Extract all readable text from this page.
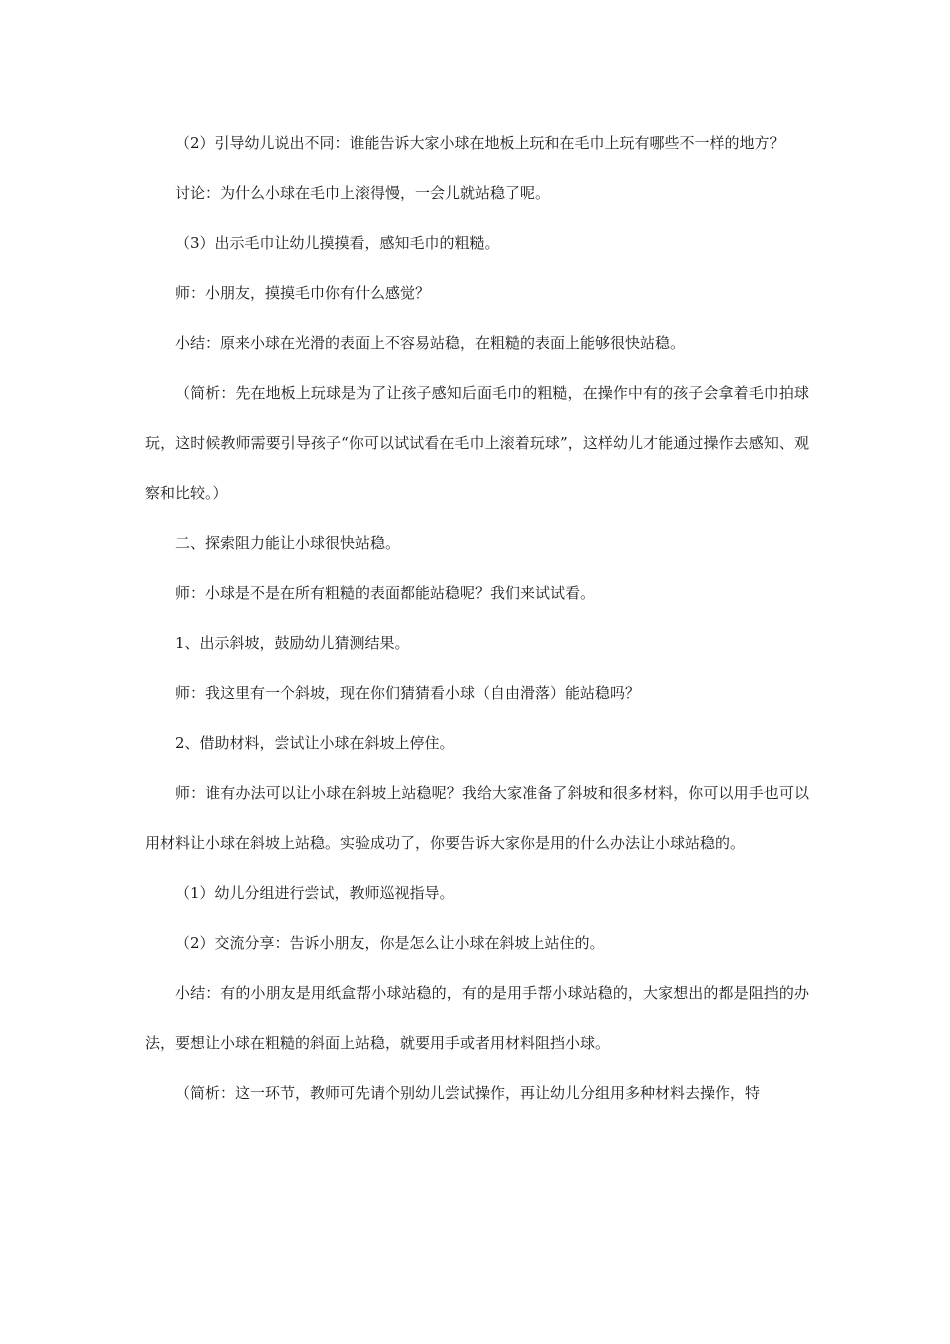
（2）引导幼儿说出不同：谁能告诉大家小球在地板上玩和在毛巾上玩有哪些不一样的地方？

讨论：为什么小球在毛巾上滚得慢，一会儿就站稳了呢。

（3）出示毛巾让幼儿摸摸看，感知毛巾的粗糙。

师：小朋友，摸摸毛巾你有什么感觉？

小结：原来小球在光滑的表面上不容易站稳，在粗糙的表面上能够很快站稳。

（简析：先在地板上玩球是为了让孩子感知后面毛巾的粗糙，在操作中有的孩子会拿着毛巾拍球玩，这时候教师需要引导孩子“你可以试试看在毛巾上滚着玩球”，这样幼儿才能通过操作去感知、观察和比较。）

二、探索阻力能让小球很快站稳。

师：小球是不是在所有粗糙的表面都能站稳呢？我们来试试看。

1、出示斜坡，鼓励幼儿猜测结果。

师：我这里有一个斜坡，现在你们猜猜看小球（自由滑落）能站稳吗？

2、借助材料，尝试让小球在斜坡上停住。

师：谁有办法可以让小球在斜坡上站稳呢？我给大家准备了斜坡和很多材料，你可以用手也可以用材料让小球在斜坡上站稳。实验成功了，你要告诉大家你是用的什么办法让小球站稳的。

（1）幼儿分组进行尝试，教师巡视指导。

（2）交流分享：告诉小朋友，你是怎么让小球在斜坡上站住的。

小结：有的小朋友是用纸盒帮小球站稳的，有的是用手帮小球站稳的，大家想出的都是阻挡的办法，要想让小球在粗糙的斜面上站稳，就要用手或者用材料阻挡小球。

（简析：这一环节，教师可先请个别幼儿尝试操作，再让幼儿分组用多种材料去操作，特
